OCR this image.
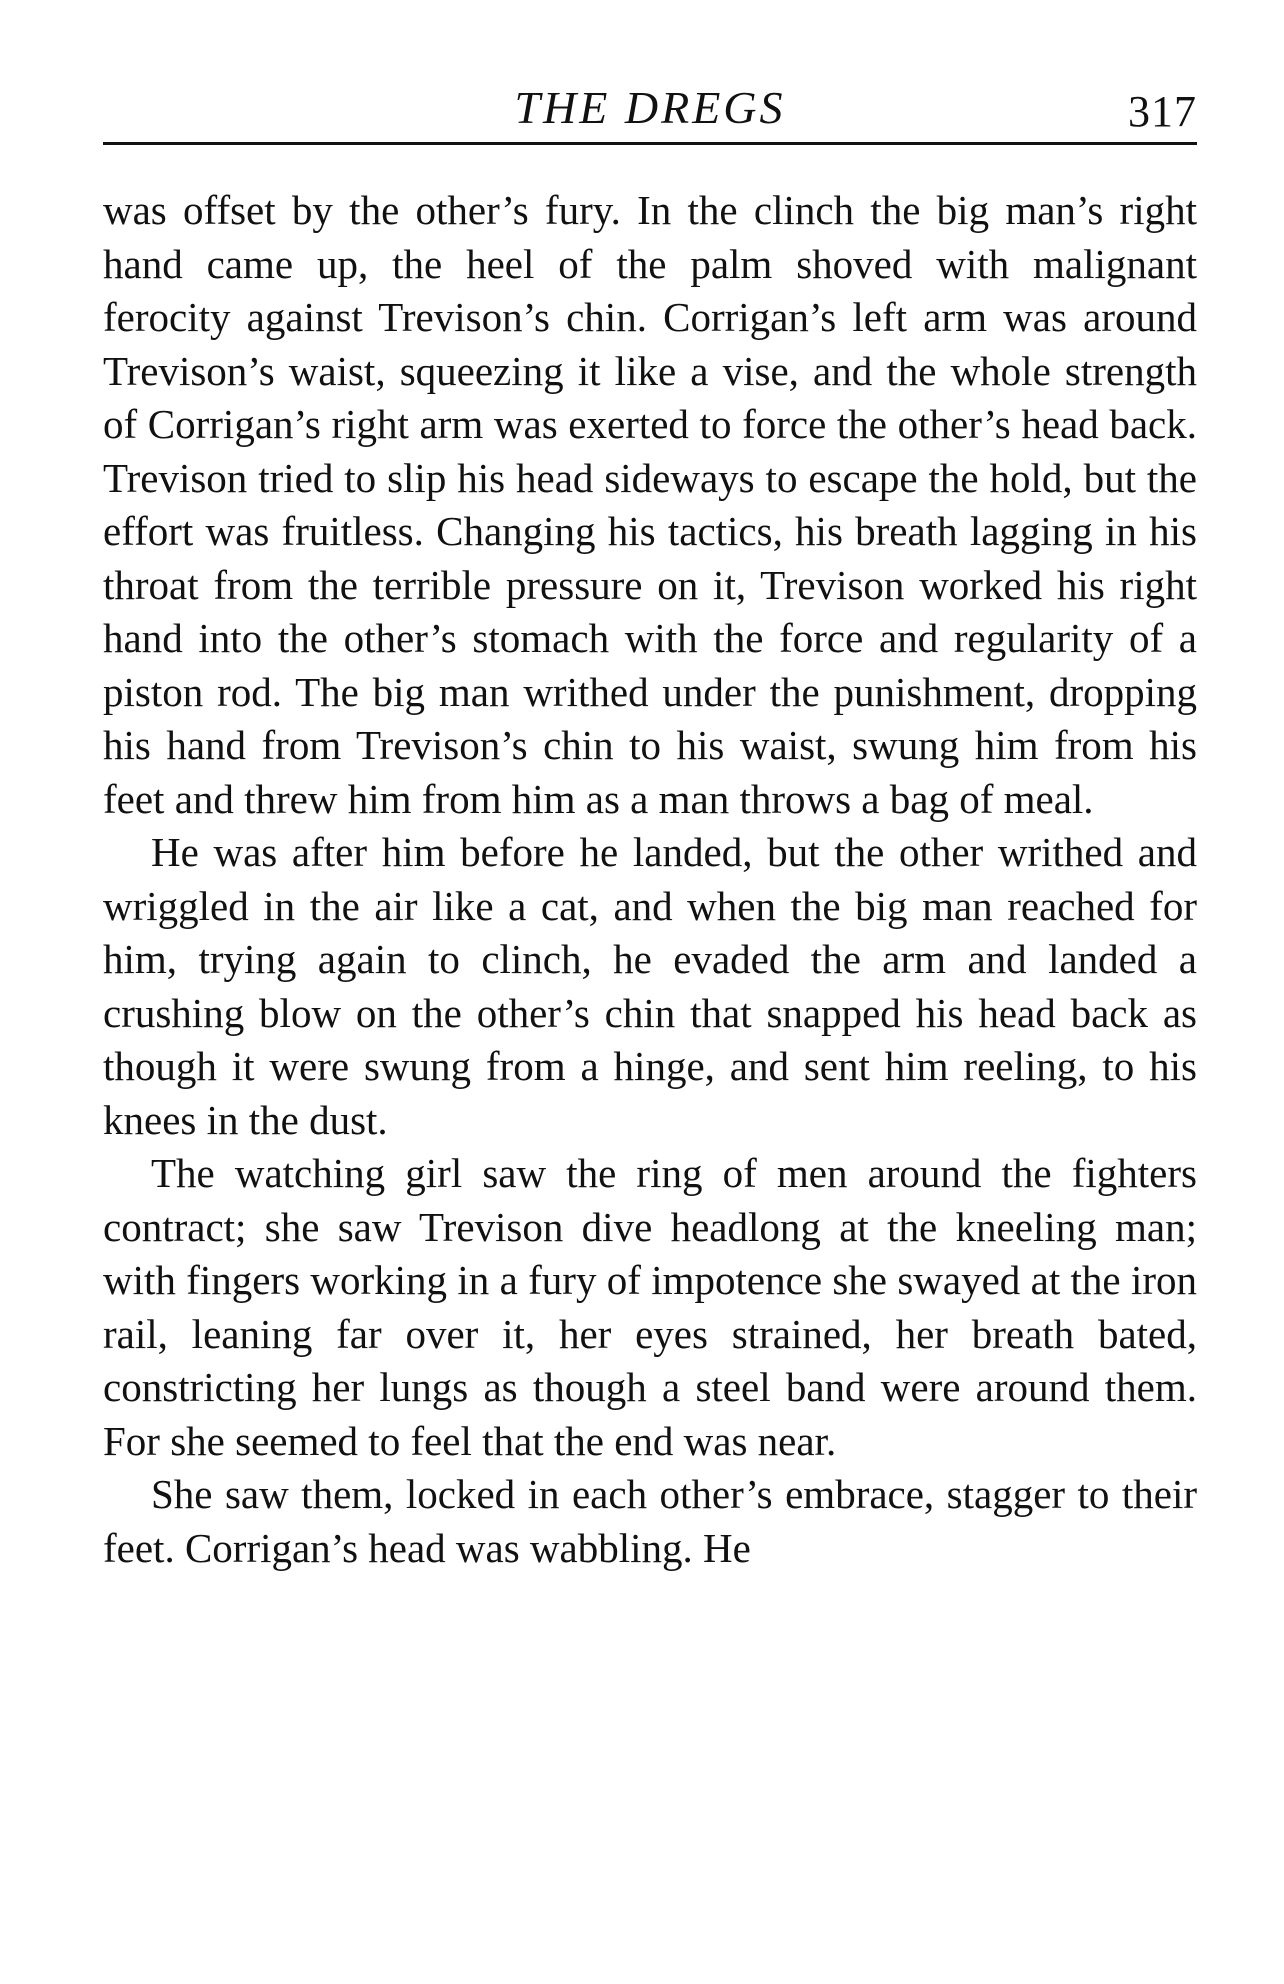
THE DREGS	317

was offset by the other’s fury. In the clinch the big man’s right hand came up, the heel of the palm shoved with malignant ferocity against Trevison’s chin. Corrigan’s left arm was around Trevison’s waist, squeezing it like a vise, and the whole strength of Corrigan’s right arm was exerted to force the other’s head back. Trevison tried to slip his head sideways to escape the hold, but the effort was fruitless. Changing his tactics, his breath lagging in his throat from the terrible pressure on it, Trevison worked his right hand into the other’s stomach with the force and regularity of a piston rod. The big man writhed under the punishment, dropping his hand from Trevison’s chin to his waist, swung him from his feet and threw him from him as a man throws a bag of meal.

He was after him before he landed, but the other writhed and wriggled in the air like a cat, and when the big man reached for him, trying again to clinch, he evaded the arm and landed a crushing blow on the other’s chin that snapped his head back as though it were swung from a hinge, and sent him reeling, to his knees in the dust.

The watching girl saw the ring of men around the fighters contract; she saw Trevison dive headlong at the kneeling man; with fingers working in a fury of impotence she swayed at the iron rail, leaning far over it, her eyes strained, her breath bated, constricting her lungs as though a steel band were around them. For she seemed to feel that the end was near.

She saw them, locked in each other’s embrace, stagger to their feet. Corrigan’s head was wabbling. He
